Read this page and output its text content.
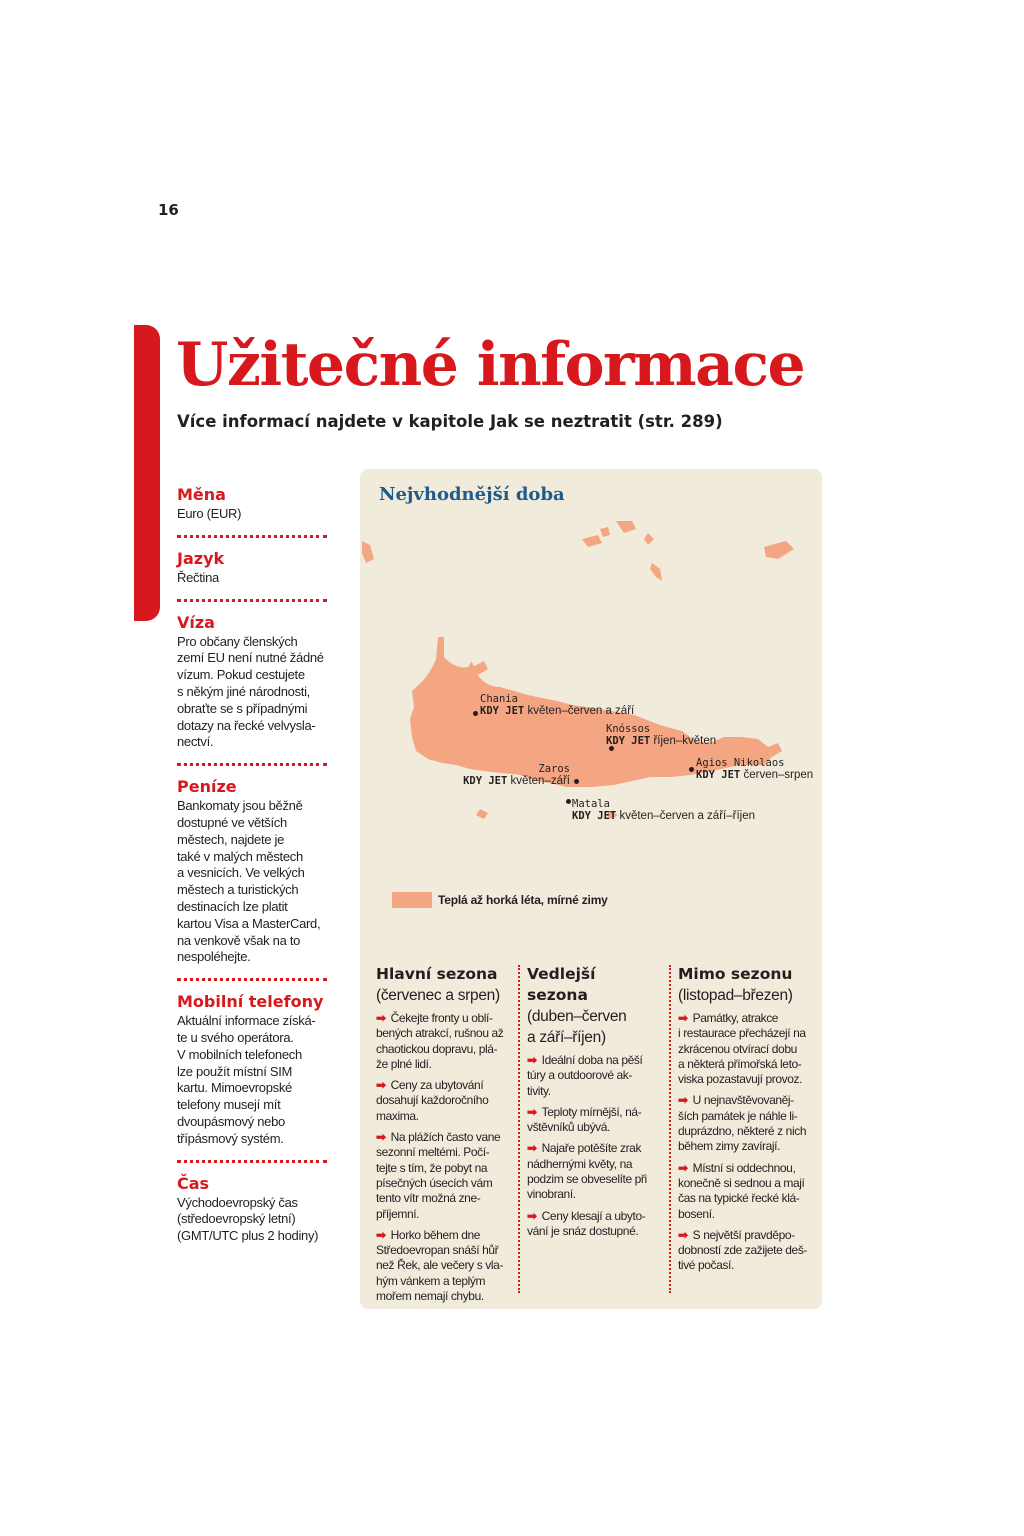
16
Užitečné informace
Více informací najdete v kapitole Jak se neztratit (str. 289)
Měna
Euro (EUR)
Jazyk
Řečtina
Víza
Pro občany členských
zemí EU není nutné žádné
vízum. Pokud cestujete
s někým jiné národnosti,
obraťte se s případnými
dotazy na řecké velvysla-
nectví.
Peníze
Bankomaty jsou běžně
dostupné ve větších
městech, najdete je
také v malých městech
a vesnicích. Ve velkých
městech a turistických
destinacích lze platit
kartou Visa a MasterCard,
na venkově však na to
nespoléhejte.
Mobilní telefony
Aktuální informace získá-
te u svého operátora.
V mobilních telefonech
lze použít místní SIM
kartu. Mimoevropské
telefony musejí mít
dvoupásmový nebo
třípásmový systém.
Čas
Východoevropský čas
(středoevropský letní)
(GMT/UTC plus 2 hodiny)
Nejvhodnější doba
Chania
KDY JET květen–červen a září
Knóssos
KDY JET říjen–květen
Zaros
KDY JET květen–září
Agios Nikolaos
KDY JET červen–srpen
Matala
KDY JET květen–červen a září–říjen
Teplá až horká léta, mírné zimy
Hlavní sezona
(červenec a srpen)
➡ Čekejte fronty u oblí-
bených atrakcí, rušnou až
chaotickou dopravu, plá-
že plné lidí.
➡ Ceny za ubytování
dosahují každoročního
maxima.
➡ Na plážích často vane
sezonní meltémi. Počí-
tejte s tím, že pobyt na
písečných úsecích vám
tento vítr možná zne-
příjemní.
➡ Horko během dne
Středoevropan snáší hůř
než Řek, ale večery s vla-
hým vánkem a teplým
mořem nemají chybu.
Vedlejší
sezona
(duben–červen
a září–říjen)
➡ Ideální doba na pěší
túry a outdoorové ak-
tivity.
➡ Teploty mírnější, ná-
vštěvníků ubývá.
➡ Najaře potěšíte zrak
nádhernými květy, na
podzim se obveselíte při
vinobraní.
➡ Ceny klesají a ubyto-
vání je snáz dostupné.
Mimo sezonu
(listopad–březen)
➡ Památky, atrakce
i restaurace přecházejí na
zkrácenou otvírací dobu
a některá přímořská leto-
viska pozastavují provoz.
➡ U nejnavštěvovaněj-
ších památek je náhle li-
duprázdno, některé z nich
během zimy zavírají.
➡ Místní si oddechnou,
konečně si sednou a mají
čas na typické řecké klá-
bosení.
➡ S největší pravděpo-
dobností zde zažijete deš-
tivé počasí.
